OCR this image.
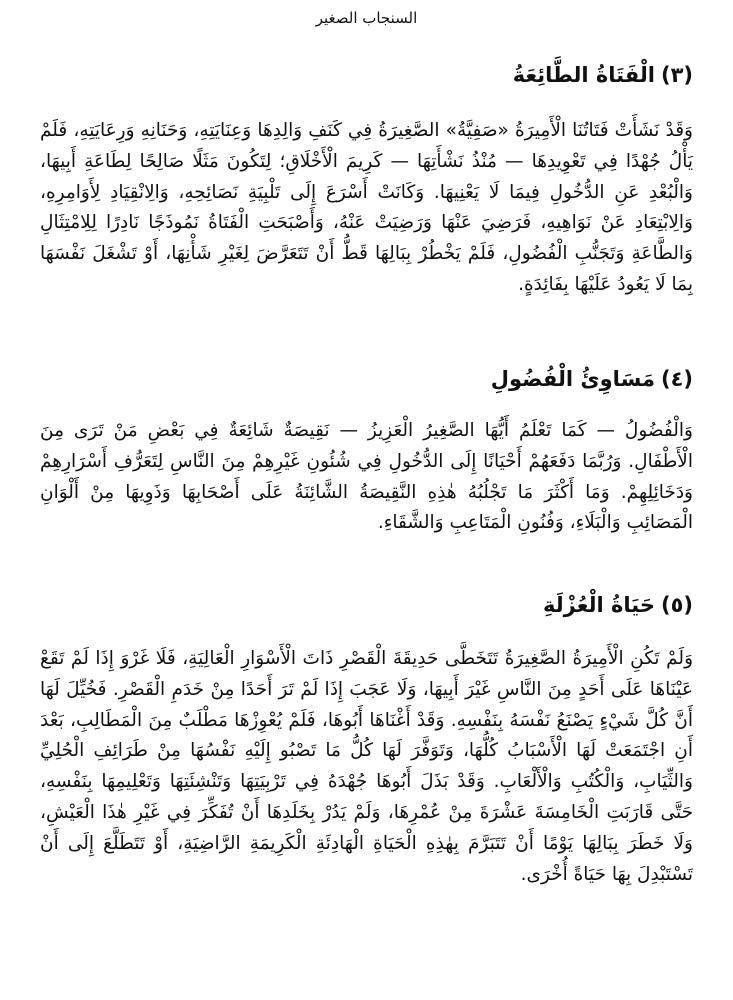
السنجاب الصغير
(٣)الْفَتَاةُ الطَّائِعَةُ

وَقَدْ نَشَأَتْ فَتَاتُنَا الْأَمِيرَةُ «صَفِيَّةُ» الصَّغِيرَةُ فِي كَنَفِ وَالِدِهَا وَعِنَايَتِهِ، وَحَنَانِهِ وَرِعَايَتِهِ، فَلَمْ يَأْلُ جُهْدًا فِي تَعْوِيدِهَا — مُنْذُ نَشْأَتِهَا — كَرِيمَ الْأَخْلَاقِ؛ لِتَكُونَ مَثَلًا صَالِحًا لِطَاعَةِ أَبِيهَا، وَالْبُعْدِ عَنِ الدُّخُولِ فِيمَا لَا يَعْنِيهَا. وَكَانَتْ أَسْرَعَ إِلَى تَلْبِيَةِ نَصَائِحِهِ، وَالِانْقِيَادِ لِأَوَامِرِهِ، وَالِابْتِعَادِ عَنْ نَوَاهِيهِ، فَرَضِيَ عَنْهَا وَرَضِيَتْ عَنْهُ، وَأَصْبَحَتِ الْفَتَاةُ نَمُوذَجًا نَادِرًا لِلِامْتِثَالِ وَالطَّاعَةِ وَتَجَنُّبِ الْفُضُولِ، فَلَمْ يَخْطُرْ بِبَالِهَا قَطُّ أَنْ تَتَعَرَّضَ لِغَيْرِ شَأْنِهَا، أَوْ تَشْغَلَ نَفْسَهَا بِمَا لَا يَعُودُ عَلَيْهَا بِفَائِدَةٍ.

(٤)مَسَاوِئُ الْفُضُولِ

وَالْفُضُولُ — كَمَا تَعْلَمُ أَيُّهَا الصَّغِيرُ الْعَزِيزُ — نَقِيصَةٌ شَائِعَةٌ فِي بَعْضِ مَنْ تَرَى مِنَ الْأَطْفَالِ. وَرُبَّمَا دَفَعَهُمْ أَحْيَانًا إِلَى الدُّخُولِ فِي شُئُونِ غَيْرِهِمْ مِنَ النَّاسِ لِتَعَرُّفِ أَسْرَارِهِمْ وَدَخَائِلِهِمْ. وَمَا أَكْثَرَ مَا تَجْلُبُهُ هٰذِهِ النَّقِيصَةُ الشَّائِنَةُ عَلَى أَصْحَابِهَا وَذَوِيهَا مِنْ أَلْوَانِ الْمَصَائِبِ وَالْبَلَاءِ، وَفُنُونِ الْمَتَاعِبِ وَالشَّقَاءِ.

(٥)حَيَاةُ الْعُزْلَةِ

وَلَمْ تَكُنِ الْأَمِيرَةُ الصَّغِيرَةُ تَتَخَطَّى حَدِيقَةَ الْقَصْرِ ذَاتَ الْأَسْوَارِ الْعَالِيَةِ، فَلَا غَرْوَ إِذَا لَمْ تَقَعْ عَيْنَاهَا عَلَى أَحَدٍ مِنَ النَّاسِ غَيْرَ أَبِيهَا، وَلَا عَجَبَ إِذَا لَمْ تَرَ أَحَدًا مِنْ خَدَمِ الْقَصْرِ. فَخُيِّلَ لَهَا أَنَّ كُلَّ شَيْءٍ يَصْنَعُ نَفْسَهُ بِنَفْسِهِ. وَقَدْ أَغْنَاهَا أَبُوهَا، فَلَمْ يُعْوِزْهَا مَطْلَبٌ مِنَ الْمَطَالِبِ، بَعْدَ أَنِ اجْتَمَعَتْ لَهَا الْأَسْبَابُ كُلُّهَا، وَتَوَفَّرَ لَهَا كُلُّ مَا تَصْبُو إِلَيْهِ نَفْسُهَا مِنْ طَرَائِفِ الْحُلِيِّ وَالثِّيَابِ، وَالْكُتُبِ وَالْأَلْعَابِ. وَقَدْ بَذَلَ أَبُوهَا جُهْدَهُ فِي تَرْبِيَتِهَا وَتَنْشِئَتِهَا وَتَعْلِيمِهَا بِنَفْسِهِ، حَتَّى قَارَبَتِ الْخَامِسَةَ عَشْرَةَ مِنْ عُمْرِهَا، وَلَمْ يَدُرْ بِخَلَدِهَا أَنْ تُفَكِّرَ فِي غَيْرِ هٰذَا الْعَيْشِ، وَلَا خَطَرَ بِبَالِهَا يَوْمًا أَنْ تَتَبَرَّمَ بِهٰذِهِ الْحَيَاةِ الْهَادِئَةِ الْكَرِيمَةِ الرَّاضِيَةِ، أَوْ تَتَطَلَّعَ إِلَى أَنْ تَسْتَبْدِلَ بِهَا حَيَاةً أُخْرَى.
